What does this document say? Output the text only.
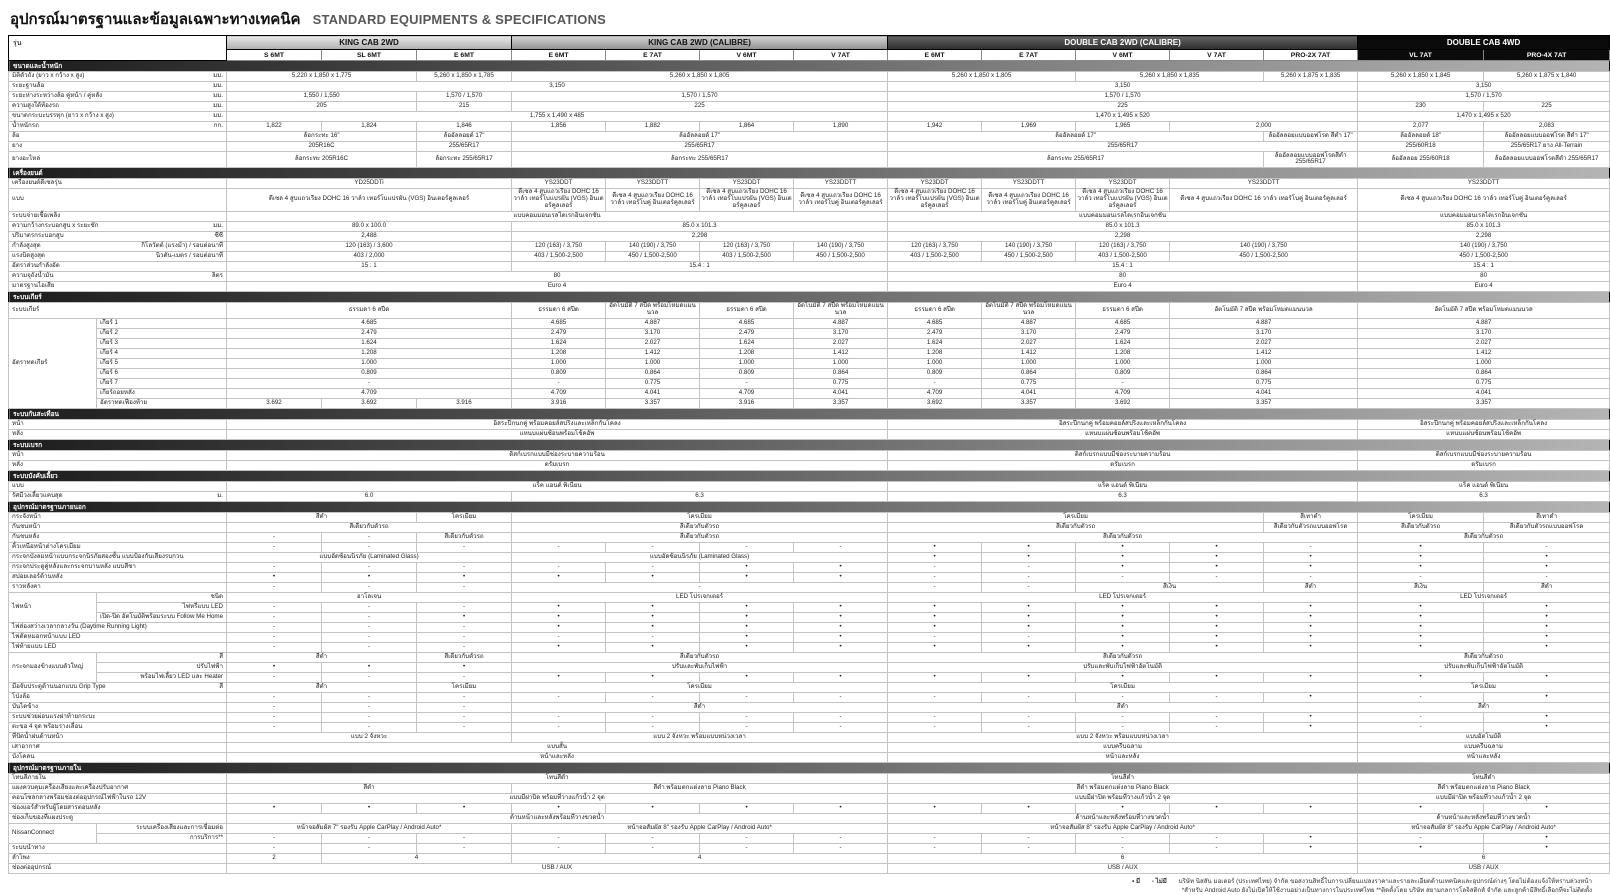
อุปกรณ์มาตรฐานและข้อมูลเฉพาะทางเทคนิค STANDARD EQUIPMENTS & SPECIFICATIONS
รุ่น		KING CAB 2WD			KING CAB 2WD (CALIBRE)				DOUBLE CAB 2WD (CALIBRE)					DOUBLE CAB 4WD	
		S 6MT	SL 6MT	E 6MT	E 6MT	E 7AT	V 6MT	V 7AT	E 6MT	E 7AT	V 6MT	V 7AT	PRO-2X 7AT	VL 7AT	PRO-4X 7AT
ขนาดและน้ำหนัก															
มิติตัวถัง (ยาว x กว้าง x สูง) มม.		5,220 x 1,850 x 1,775		5,260 x 1,850 x 1,785	5,260 x 1,850 x 1,805				5,260 x 1,850 x 1,805		5,260 x 1,850 x 1,835		5,260 x 1,875 x 1,835	5,260 x 1,850 x 1,845	5,260 x 1,875 x 1,840
ระยะฐานล้อ มม.		3,150							3,150					3,150	
ระยะห่างระหว่างล้อ คู่หน้า / คู่หลัง มม.		1,550 / 1,550		1,570 / 1,570	1,570 / 1,570				1,570 / 1,570					1,570 / 1,570	
ความสูงใต้ท้องรถ มม.		205		215	225				225					230	225
ขนาดกระบะบรรทุก (ยาว x กว้าง x สูง) มม.		1,755 x 1,490 x 485							1,470 x 1,495 x 520					1,470 x 1,495 x 520	
น้ำหนักรถ กก.		1,822	1,824	1,846	1,856	1,882	1,864	1,890	1,942	1,969	1,965	2,000		2,077	2,083
ล้อ		ล้อกระทะ 16"		ล้ออัลลอยด์ 17"	ล้ออัลลอยด์ 17"				ล้ออัลลอยด์ 17"				ล้ออัลลอยแบบออฟโรด สีดำ 17"	ล้ออัลลอยด์ 18"	ล้ออัลลอยแบบออฟโรด สีดำ 17"
ยาง		205R16C		255/65R17	255/65R17				255/65R17					255/60R18	255/65R17 ยาง All-Terrain
ยางอะไหล่		ล้อกระทะ 205R16C		ล้อกระทะ 255/65R17	ล้อกระทะ 255/65R17				ล้อกระทะ 255/65R17				ล้ออัลลอยแบบออฟโรดสีดำ 255/65R17	ล้ออัลลอย 255/60R18	ล้ออัลลอยแบบออฟโรดสีดำ 255/65R17
เครื่องยนต์															
เครื่องยนต์ดีเซลรุ่น		YD25DDTi			YS23DDT	YS23DDTT	YS23DDT	YS23DDTT	YS23DDT	YS23DDTT	YS23DDT	YS23DDTT		YS23DDTT	
แบบ		ดีเซล 4 สูบแถวเรียง DOHC 16 วาล์ว เทอร์โบแปรผัน (VGS) อินเตอร์คูลเลอร์			ดีเซล 4 สูบแถวเรียง DOHC 16 วาล์ว เทอร์โบแปรผัน (VGS) อินเตอร์คูลเลอร์	ดีเซล 4 สูบแถวเรียง DOHC 16 วาล์ว เทอร์โบคู่ อินเตอร์คูลเลอร์	ดีเซล 4 สูบแถวเรียง DOHC 16 วาล์ว เทอร์โบแปรผัน (VGS) อินเตอร์คูลเลอร์	ดีเซล 4 สูบแถวเรียง DOHC 16 วาล์ว เทอร์โบคู่ อินเตอร์คูลเลอร์	ดีเซล 4 สูบแถวเรียง DOHC 16 วาล์ว เทอร์โบแปรผัน (VGS) อินเตอร์คูลเลอร์	ดีเซล 4 สูบแถวเรียง DOHC 16 วาล์ว เทอร์โบคู่ อินเตอร์คูลเลอร์	ดีเซล 4 สูบแถวเรียง DOHC 16 วาล์ว เทอร์โบแปรผัน (VGS) อินเตอร์คูลเลอร์	ดีเซล 4 สูบแถวเรียง DOHC 16 วาล์ว เทอร์โบคู่ อินเตอร์คูลเลอร์		ดีเซล 4 สูบแถวเรียง DOHC 16 วาล์ว เทอร์โบคู่ อินเตอร์คูลเลอร์	
ระบบจ่ายเชื้อเพลิง		แบบคอมมอนเรลไดเรกอินเจกชัน							แบบคอมมอนเรลไดเรกอินเจกชัน					แบบคอมมอนเรลไดเรกอินเจกชัน	
ความกว้างกระบอกสูบ x ระยะชัก มม.		89.0 x 100.0			85.0 x 101.3				85.0 x 101.3					85.0 x 101.3	
ปริมาตรกระบอกสูบ ซีซี		2,488			2,298				2,298					2,298	
กำลังสูงสุด กิโลวัตต์ (แรงม้า) / รอบต่อนาที		120 (163) / 3,600			120 (163) / 3,750	140 (190) / 3,750	120 (163) / 3,750	140 (190) / 3,750	120 (163) / 3,750	140 (190) / 3,750	120 (163) / 3,750	140 (190) / 3,750		140 (190) / 3,750	
แรงบิดสูงสุด นิวตัน-เมตร / รอบต่อนาที		403 / 2,000			403 / 1,500-2,500	450 / 1,500-2,500	403 / 1,500-2,500	450 / 1,500-2,500	403 / 1,500-2,500	450 / 1,500-2,500	403 / 1,500-2,500	450 / 1,500-2,500		450 / 1,500-2,500	
อัตราส่วนกำลังอัด		15 : 1			15.4 : 1				15.4 : 1					15.4 : 1	
ความจุถังน้ำมัน ลิตร		80							80					80	
มาตรฐานไอเสีย		Euro 4							Euro 4					Euro 4	
ระบบเกียร์															
ระบบเกียร์		ธรรมดา 6 สปีด			ธรรมดา 6 สปีด	อัตโนมัติ 7 สปีด พร้อมโหมดแมนนวล	ธรรมดา 6 สปีด	อัตโนมัติ 7 สปีด พร้อมโหมดแมนนวล	ธรรมดา 6 สปีด	อัตโนมัติ 7 สปีด พร้อมโหมดแมนนวล	ธรรมดา 6 สปีด	อัตโนมัติ 7 สปีด พร้อมโหมดแมนนวล		อัตโนมัติ 7 สปีด พร้อมโหมดแมนนวล	
อัตราทดเกียร์	เกียร์ 1	4.685			4.685	4.887	4.685	4.887	4.685	4.887	4.685	4.887		4.887	
	เกียร์ 2	2.479			2.479	3.170	2.479	3.170	2.479	3.170	2.479	3.170		3.170	
	เกียร์ 3	1.624			1.624	2.027	1.624	2.027	1.624	2.027	1.624	2.027		2.027	
	เกียร์ 4	1.208			1.208	1.412	1.208	1.412	1.208	1.412	1.208	1.412		1.412	
	เกียร์ 5	1.000			1.000	1.000	1.000	1.000	1.000	1.000	1.000	1.000		1.000	
	เกียร์ 6	0.809			0.809	0.864	0.809	0.864	0.809	0.864	0.809	0.864		0.864	
	เกียร์ 7	-			-	0.775	-	0.775	-	0.775	-	0.775		0.775	
	เกียร์ถอยหลัง	4.709			4.709	4.041	4.709	4.041	4.709	4.041	4.709	4.041		4.041	
	อัตราทดเฟืองท้าย	3.692	3.692	3.916	3.916	3.357	3.916	3.357	3.692	3.357	3.692	3.357		3.357	
ระบบกันสะเทือน															
หน้า		อิสระปีกนกคู่ พร้อมคอยล์สปริงและเหล็กกันโคลง							อิสระปีกนกคู่ พร้อมคอยล์สปริงและเหล็กกันโคลง					อิสระปีกนกคู่ พร้อมคอยล์สปริงและเหล็กกันโคลง	
หลัง		แหนบแผ่นซ้อนพร้อมโช้คอัพ							แหนบแผ่นซ้อนพร้อมโช้คอัพ					แหนบแผ่นซ้อนพร้อมโช้คอัพ	
ระบบเบรก															
หน้า		ดิสก์เบรกแบบมีช่องระบายความร้อน							ดิสก์เบรกแบบมีช่องระบายความร้อน					ดิสก์เบรกแบบมีช่องระบายความร้อน	
หลัง		ดรัมเบรก							ดรัมเบรก					ดรัมเบรก	
ระบบบังคับเลี้ยว															
แบบ		แร็ค แอนด์ พิเนียน							แร็ค แอนด์ พิเนียน					แร็ค แอนด์ พิเนียน	
รัศมีวงเลี้ยวแคบสุด ม.		6.0			6.3				6.3					6.3	
อุปกรณ์มาตรฐานภายนอก															
กระจังหน้า		สีดำ		โครเมียม	โครเมียม				โครเมียม				สีเทาดำ	โครเมียม	สีเทาดำ
กันชนหน้า		สีเดียวกับตัวรถ			สีเดียวกับตัวรถ				สีเดียวกับตัวรถ				สีเดียวกับตัวรถแบบออฟโรด	สีเดียวกับตัวรถ	สีเดียวกับตัวรถแบบออฟโรด
กันชนหลัง		-	-	สีเดียวกับตัวรถ	สีเดียวกับตัวรถ				สีเดียวกับตัวรถ					สีเดียวกับตัวรถ	
คิ้วเหนือหน้าต่างโครเมียม		-	-	-	-	-	-	-	•	•	•	•	-	•	-
กระจกบังลมหน้าแบบกระจกนิรภัยสองชั้น แบบป้องกันเสียงรบกวน		แบบอัดซ้อนนิรภัย (Laminated Glass)			แบบอัดซ้อนนิรภัย (Laminated Glass)				•	•	•	•	•	•	•
กระจกประตูคู่หลังและกระจกบานหลัง แบบสีชา		-	-	-	-	-	•	•	-	-	•	•	•	•	•
สปอยเลอร์ด้านหลัง		•	•	•	•	•	•	•	-	-	-	-	-	-	-
ราวหลังคา		-	-	-	-				-	-	สีเงิน		สีดำ	สีเงิน	สีดำ
ไฟหน้า	ชนิด	ฮาโลเจน			LED โปรเจกเตอร์				LED โปรเจกเตอร์					LED โปรเจกเตอร์	
	ไฟหรี่แบบ LED	-	-	-	•	•	•	•	•	•	•	•	•	•	•
	เปิด-ปิด อัตโนมัติพร้อมระบบ Follow Me Home	-	-	•	•	•	•	•	•	•	•	•	•	•	•
ไฟส่องสว่างเวลากลางวัน (Daytime Running Light)		-	-	-	•	•	•	•	•	•	•	•	•	•	•
ไฟตัดหมอกหน้าแบบ LED		-	-	-	-	-	•	•	-	-	•	•	•	•	•
ไฟท้ายแบบ LED		-	-	-	•	•	•	•	•	•	•	•	•	•	•
กระจกมองข้างแบบตัวใหญ่	สี	สีดำ		สีเดียวกับตัวรถ	สีเดียวกับตัวรถ				สีเดียวกับตัวรถ					สีเดียวกับตัวรถ	
	ปรับไฟฟ้า	•	•	•	ปรับและพับเก็บไฟฟ้า				ปรับและพับเก็บไฟฟ้าอัตโนมัติ					ปรับและพับเก็บไฟฟ้าอัตโนมัติ	
	พร้อมไฟเลี้ยว LED และ Heater	-	-	-	•	•	•	•	•	•	•	•	•	•	•
มือจับประตูด้านนอกแบบ Grip Type สี		สีดำ		โครเมียม	โครเมียม				โครเมียม					โครเมียม	
โป่งล้อ		-	-	-	-	-	-	-	-	-	-	-	•	-	•
บันไดข้าง		-	-	-	สีดำ				สีดำ					สีดำ	
ระบบช่วยผ่อนแรงฝาท้ายกระบะ		-	-	-	-	-	-	-	-	-	-	-	•	-	•
ตะขอ 4 จุด พร้อมรางเลื่อน		-	-	-	-	-	-	-	-	-	-	-	•	-	•
ที่ปัดน้ำฝนด้านหน้า		แบบ 2 จังหวะ			แบบ 2 จังหวะ พร้อมแบบหน่วงเวลา				แบบ 2 จังหวะ พร้อมแบบหน่วงเวลา					แบบอัตโนมัติ	
เสาอากาศ		แบบสั้น							แบบครีบฉลาม					แบบครีบฉลาม	
บังโคลน		หน้าและหลัง							หน้าและหลัง					หน้าและหลัง	
อุปกรณ์มาตรฐานภายใน															
โทนสีภายใน		โทนสีดำ							โทนสีดำ					โทนสีดำ	
แผงควบคุมเครื่องเสียงและเครื่องปรับอากาศ		สีดำ			สีดำ พร้อมตกแต่งลาย Piano Black				สีดำ พร้อมตกแต่งลาย Piano Black					สีดำ พร้อมตกแต่งลาย Piano Black	
คอนโซลกลางพร้อมช่องต่ออุปกรณ์ไฟฟ้าในรถ 12V		แบบมีฝาปิด พร้อมที่วางแก้วน้ำ 2 จุด							แบบมีฝาปิด พร้อมที่วางแก้วน้ำ 2 จุด					แบบมีฝาปิด พร้อมที่วางแก้วน้ำ 2 จุด	
ช่องแอร์สำหรับผู้โดยสารตอนหลัง		•	•	•	•	•	•	•	•	•	•	•	•	•	•
ช่องเก็บของที่แผงประตู		ด้านหน้าและหลังพร้อมที่วางขวดน้ำ							ด้านหน้าและหลังพร้อมที่วางขวดน้ำ					ด้านหน้าและหลังพร้อมที่วางขวดน้ำ	
NissanConnect	ระบบเครื่องเสียงและการเชื่อมต่อ	หน้าจอสัมผัส 7" รองรับ Apple CarPlay / Android Auto*			หน้าจอสัมผัส 8" รองรับ Apple CarPlay / Android Auto*				หน้าจอสัมผัส 8" รองรับ Apple CarPlay / Android Auto*					หน้าจอสัมผัส 8" รองรับ Apple CarPlay / Android Auto*	
	การบริการ**	-	-	-	-	-	-	-	-	-	-	-	•	-	•
ระบบนำทาง		-	-	-	-	-	-	-	-	-	-	-	•	•	•
ลำโพง		2	4		4				6					6	
ช่องต่ออุปกรณ์		USB / AUX							USB / AUX					USB / AUX	
• มี - ไม่มี บริษัท นิสสัน มอเตอร์ (ประเทศไทย) จำกัด ขอสงวนสิทธิ์ในการเปลี่ยนแปลงราคาและรายละเอียดด้านเทคนิคและอุปกรณ์ต่างๆ โดยไม่ต้องแจ้งให้ทราบล่วงหน้า
*สำหรับ Android Auto ยังไม่เปิดให้ใช้งานอย่างเป็นทางการในประเทศไทย **ติดตั้งโดย บริษัท สยามกลการโลจิสติกส์ จำกัด และลูกค้ามีสิทธิ์เลือกที่จะไม่ติดตั้ง
